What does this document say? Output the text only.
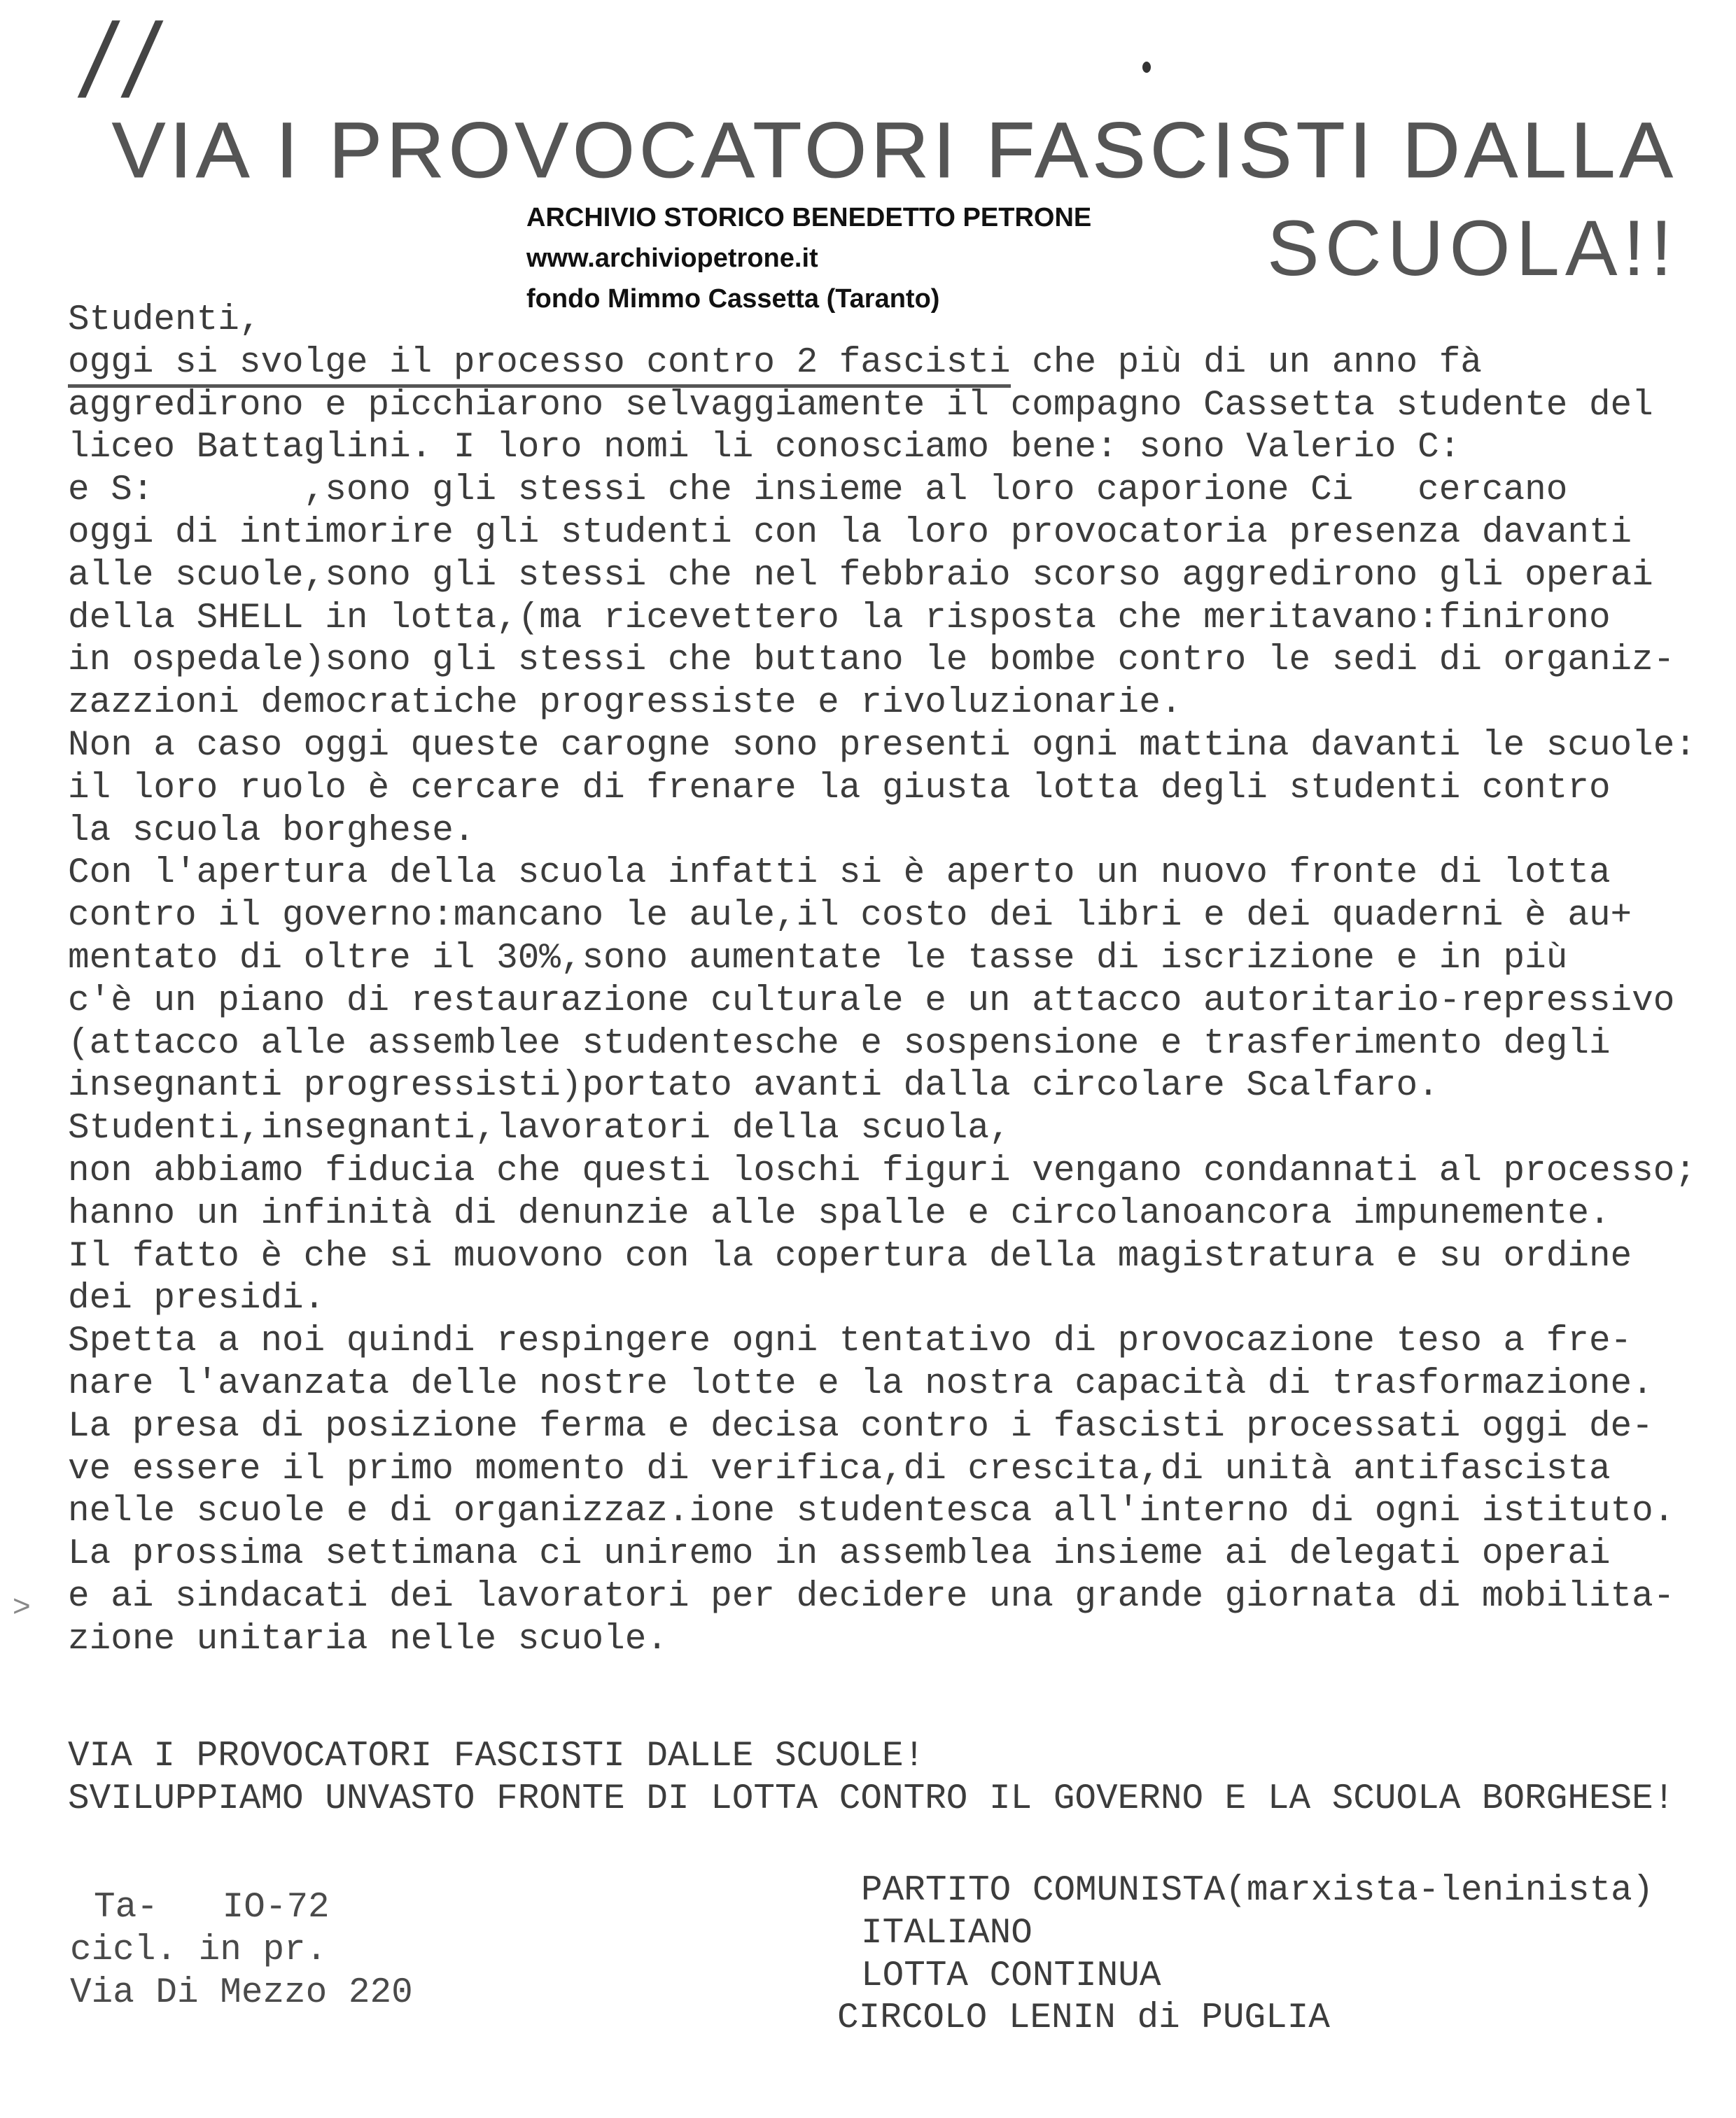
//
VIA I PROVOCATORI FASCISTI DALLA
SCUOLA!!
ARCHIVIO STORICO BENEDETTO PETRONE
www.archiviopetrone.it
fondo Mimmo Cassetta (Taranto)
Studenti,
oggi si svolge il processo contro 2 fascisti che più di un anno fà
aggredirono e picchiarono selvaggiamente il compagno Cassetta studente del
liceo Battaglini. I loro nomi li conosciamo bene: sono Valerio C:
e S:       ,sono gli stessi che insieme al loro caporione Ci   cercano
oggi di intimorire gli studenti con la loro provocatoria presenza davanti
alle scuole,sono gli stessi che nel febbraio scorso aggredirono gli operai
della SHELL in lotta,(ma ricevettero la risposta che meritavano:finirono
in ospedale)sono gli stessi che buttano le bombe contro le sedi di organiz-
zazzioni democratiche progressiste e rivoluzionarie.
Non a caso oggi queste carogne sono presenti ogni mattina davanti le scuole:
il loro ruolo è cercare di frenare la giusta lotta degli studenti contro
la scuola borghese.
Con l'apertura della scuola infatti si è aperto un nuovo fronte di lotta
contro il governo:mancano le aule,il costo dei libri e dei quaderni è au+
mentato di oltre il 30%,sono aumentate le tasse di iscrizione e in più
c'è un piano di restaurazione culturale e un attacco autoritario-repressivo
(attacco alle assemblee studentesche e sospensione e trasferimento degli
insegnanti progressisti)portato avanti dalla circolare Scalfaro.
Studenti,insegnanti,lavoratori della scuola,
non abbiamo fiducia che questi loschi figuri vengano condannati al processo;
hanno un infinità di denunzie alle spalle e circolanoancora impunemente.
Il fatto è che si muovono con la copertura della magistratura e su ordine
dei presidi.
Spetta a noi quindi respingere ogni tentativo di provocazione teso a fre-
nare l'avanzata delle nostre lotte e la nostra capacità di trasformazione.
La presa di posizione ferma e decisa contro i fascisti processati oggi de-
ve essere il primo momento di verifica,di crescita,di unità antifascista
nelle scuole e di organizzaz.ione studentesca all'interno di ogni istituto.
La prossima settimana ci uniremo in assemblea insieme ai delegati operai
e ai sindacati dei lavoratori per decidere una grande giornata di mobilita-
zione unitaria nelle scuole.
>
VIA I PROVOCATORI FASCISTI DALLE SCUOLE!
SVILUPPIAMO UNVASTO FRONTE DI LOTTA CONTRO IL GOVERNO E LA SCUOLA BORGHESE!
Ta-   IO-72
cicl. in pr.
Via Di Mezzo 220
PARTITO COMUNISTA(marxista-leninista)
ITALIANO
LOTTA CONTINUA
CIRCOLO LENIN di PUGLIA
